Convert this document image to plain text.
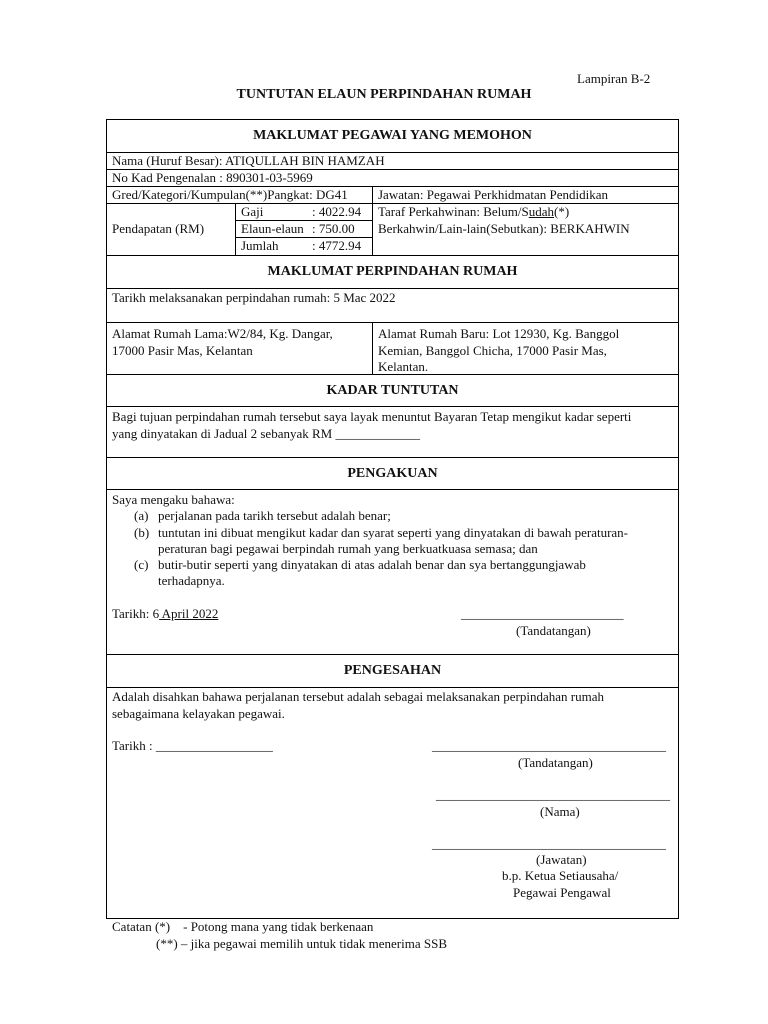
Lampiran B-2
TUNTUTAN ELAUN PERPINDAHAN RUMAH
MAKLUMAT PEGAWAI YANG MEMOHON
Nama (Huruf Besar): ATIQULLAH BIN HAMZAH
No Kad Pengenalan : 890301-03-5969
Gred/Kategori/Kumpulan(**)Pangkat: DG41 Jawatan: Pegawai Perkhidmatan Pendidikan
Pendapatan (RM)
Gaji	: 4022.94
Elaun-elaun : 750.00
Jumlah	: 4772.94
Taraf Perkahwinan: Belum/Sudah(*)
Berkahwin/Lain-lain(Sebutkan): BERKAHWIN
MAKLUMAT PERPINDAHAN RUMAH
Tarikh melaksanakan perpindahan rumah: 5 Mac 2022
Alamat Rumah Lama:W2/84, Kg. Dangar,
17000 Pasir Mas, Kelantan
Alamat Rumah Baru: Lot 12930, Kg. Banggol
Kemian, Banggol Chicha, 17000 Pasir Mas,
Kelantan.
KADAR TUNTUTAN
Bagi tujuan perpindahan rumah tersebut saya layak menuntut Bayaran Tetap mengikut kadar seperti
yang dinyatakan di Jadual 2 sebanyak RM _____________
PENGAKUAN
Saya mengaku bahawa:
(a) perjalanan pada tarikh tersebut adalah benar;
(b) tuntutan ini dibuat mengikut kadar dan syarat seperti yang dinyatakan di bawah peraturan-
peraturan bagi pegawai berpindah rumah yang berkuatkuasa semasa; dan
(c) butir-butir seperti yang dinyatakan di atas adalah benar dan sya bertanggungjawab
terhadapnya.
Tarikh: 6 April 2022	_________________________
(Tandatangan)
PENGESAHAN
Adalah disahkan bahawa perjalanan tersebut adalah sebagai melaksanakan perpindahan rumah
sebagaimana kelayakan pegawai.
Tarikh : __________________	____________________________________
(Tandatangan)
____________________________________
(Nama)
____________________________________
(Jawatan)
b.p. Ketua Setiausaha/
Pegawai Pengawal
Catatan (*)    - Potong mana yang tidak berkenaan
(**) – jika pegawai memilih untuk tidak menerima SSB
